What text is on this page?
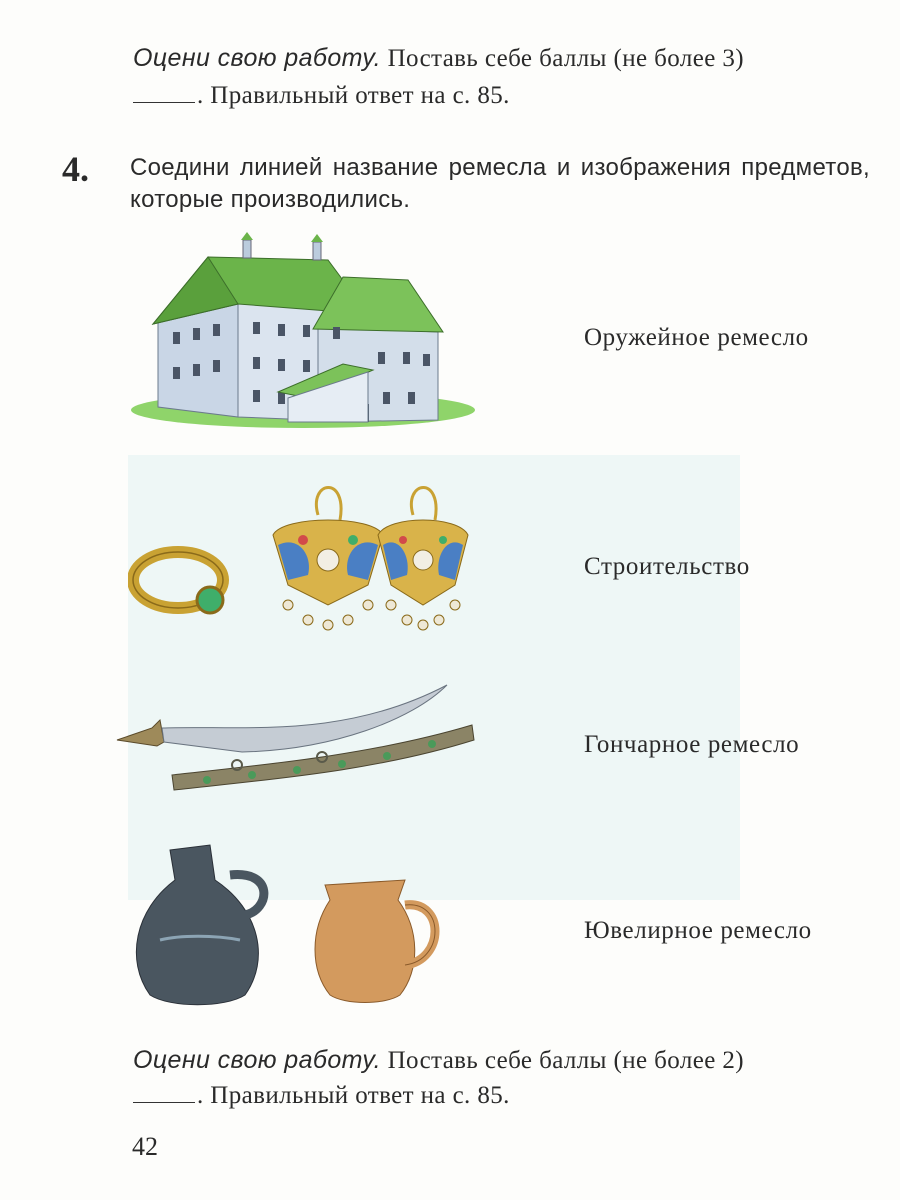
Оцени свою работу. Поставь себе баллы (не более 3)
. Правильный ответ на с. 85.
4. Соедини линией название ремесла и изображения предметов, которые производились.
Оружейное ремесло
Строительство
Гончарное ремесло
Ювелирное ремесло
Оцени свою работу. Поставь себе баллы (не более 2)
. Правильный ответ на с. 85.
42
